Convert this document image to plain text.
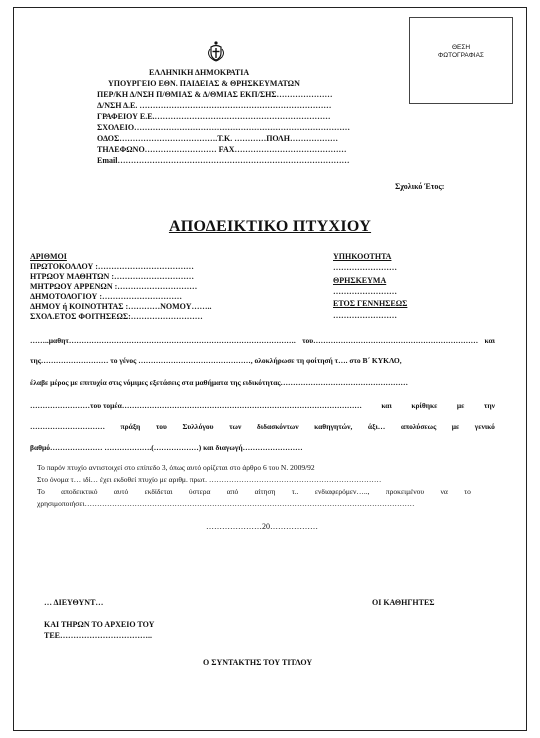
ΘΕΣΗ
ΦΩΤΟΓΡΑΦΙΑΣ
ΕΛΛΗΝΙΚΗ ΔΗΜΟΚΡΑΤΙΑ
ΥΠΟΥΡΓΕΙΟ ΕΘΝ. ΠΑΙΔΕΙΑΣ & ΘΡΗΣΚΕΥΜΑΤΩΝ
ΠΕΡ/ΚΗ Δ/ΝΣΗ Π/ΘΜΙΑΣ & Δ/ΘΜΙΑΣ ΕΚΠ/ΣΗΣ…………………
Δ/ΝΣΗ Δ.Ε. ………………………………………………………………
ΓΡΑΦΕΙΟΥ Ε.Ε.…………………………………………………………
ΣΧΟΛΕΙΟ………………………………………………………………………
ΟΔΟΣ……………………………….Τ.Κ. …………ΠΟΛΗ………………
ΤΗΛΕΦΩΝΟ……………………… FAX……………………………………
Email……………………………………………………………………………
Σχολικό Έτος:
ΑΠΟΔΕΙΚΤΙΚΟ ΠΤΥΧΙΟΥ
ΑΡΙΘΜΟΙ
ΠΡΩΤΟΚΟΛΛΟΥ :………………………………
ΗΤΡΩΟΥ ΜΑΘΗΤΩΝ :…………………………
ΜΗΤΡΩΟΥ ΑΡΡΕΝΩΝ :…………………………
ΔΗΜΟΤΟΛΟΓΙΟΥ :…………………………
ΔΗΜΟΥ ή ΚΟΙΝΟΤΗΤΑΣ :…………ΝΟΜΟΥ……..
ΣΧΟΛ.ΕΤΟΣ ΦΟΙΤΗΣΕΩΣ:………………………
ΥΠΗΚΟΟΤΗΤΑ
……………………
ΘΡΗΣΚΕΥΜΑ
……………………
ΕΤΟΣ ΓΕΝΝΗΣΕΩΣ
……………………
……..μαθητ………………………………………………………………………………. του………………………………………………………… και
της……………………… το γένος ………………………………………, ολοκλήρωσε τη φοίτησή τ…. στο Β΄ ΚΥΚΛΟ,
έλαβε μέρος με επιτυχία στις νόμιμες εξετάσεις στα μαθήματα της ειδικότητας……………………………………………
……………………του τομέα……………………………………………………………………………………	και	κρίθηκε	με	την
………………………… πράξη του Συλλόγου των διδασκόντων καθηγητών, άξι… απολύσεως με γενικό
βαθμό………………… ……………….(………………) και διαγωγή……………………
Το παρόν πτυχίο αντιστοιχεί στο επίπεδο 3, όπως αυτό ορίζεται στο άρθρο 6 του Ν. 2009/92
Στο όνομα τ… ιδί… έχει εκδοθεί πτυχίο με αριθμ. πρωτ. ……………………………………………………………
Το αποδεικτικό αυτό εκδίδεται ύστερα από αίτηση τ.. ενδιαφερόμεν….., προκειμένου να το
χρησιμοποιήσει……………………………………………………………………………………………………………………
…………………20………………
… ΔΙΕΥΘΥΝΤ…	ΟΙ ΚΑΘΗΓΗΤΕΣ
ΚΑΙ ΤΗΡΩΝ ΤΟ ΑΡΧΕΙΟ ΤΟΥ
ΤΕΕ……………………………..
Ο ΣΥΝΤΑΚΤΗΣ ΤΟΥ ΤΙΤΛΟΥ
